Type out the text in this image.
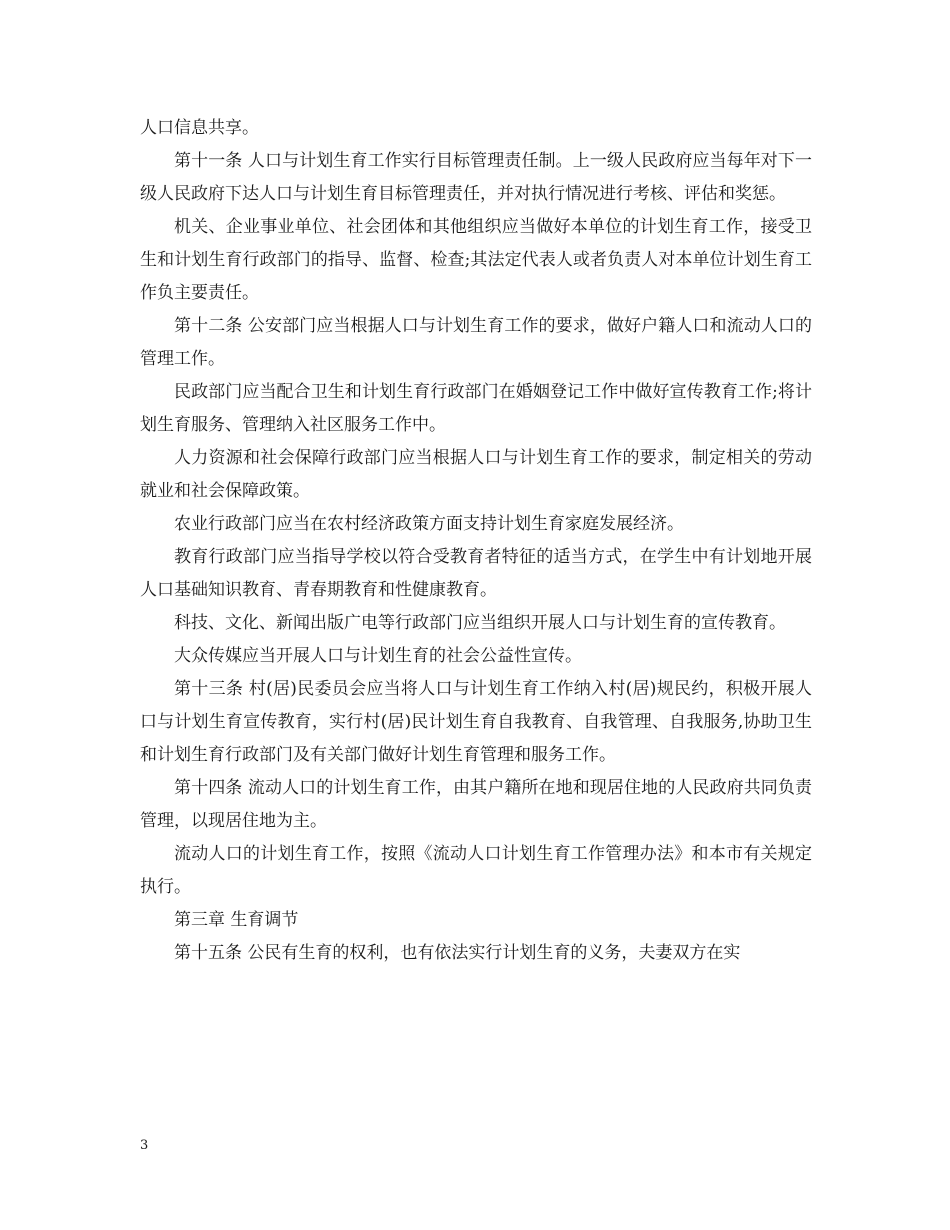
人口信息共享。

第十一条 人口与计划生育工作实行目标管理责任制。上一级人民政府应当每年对下一级人民政府下达人口与计划生育目标管理责任，并对执行情况进行考核、评估和奖惩。

机关、企业事业单位、社会团体和其他组织应当做好本单位的计划生育工作，接受卫生和计划生育行政部门的指导、监督、检查;其法定代表人或者负责人对本单位计划生育工作负主要责任。

第十二条 公安部门应当根据人口与计划生育工作的要求，做好户籍人口和流动人口的管理工作。

民政部门应当配合卫生和计划生育行政部门在婚姻登记工作中做好宣传教育工作;将计划生育服务、管理纳入社区服务工作中。

人力资源和社会保障行政部门应当根据人口与计划生育工作的要求，制定相关的劳动就业和社会保障政策。

农业行政部门应当在农村经济政策方面支持计划生育家庭发展经济。

教育行政部门应当指导学校以符合受教育者特征的适当方式，在学生中有计划地开展人口基础知识教育、青春期教育和性健康教育。

科技、文化、新闻出版广电等行政部门应当组织开展人口与计划生育的宣传教育。

大众传媒应当开展人口与计划生育的社会公益性宣传。

第十三条 村(居)民委员会应当将人口与计划生育工作纳入村(居)规民约，积极开展人口与计划生育宣传教育，实行村(居)民计划生育自我教育、自我管理、自我服务,协助卫生和计划生育行政部门及有关部门做好计划生育管理和服务工作。

第十四条 流动人口的计划生育工作，由其户籍所在地和现居住地的人民政府共同负责管理，以现居住地为主。

流动人口的计划生育工作，按照《流动人口计划生育工作管理办法》和本市有关规定执行。

第三章 生育调节

第十五条 公民有生育的权利，也有依法实行计划生育的义务，夫妻双方在实

3
